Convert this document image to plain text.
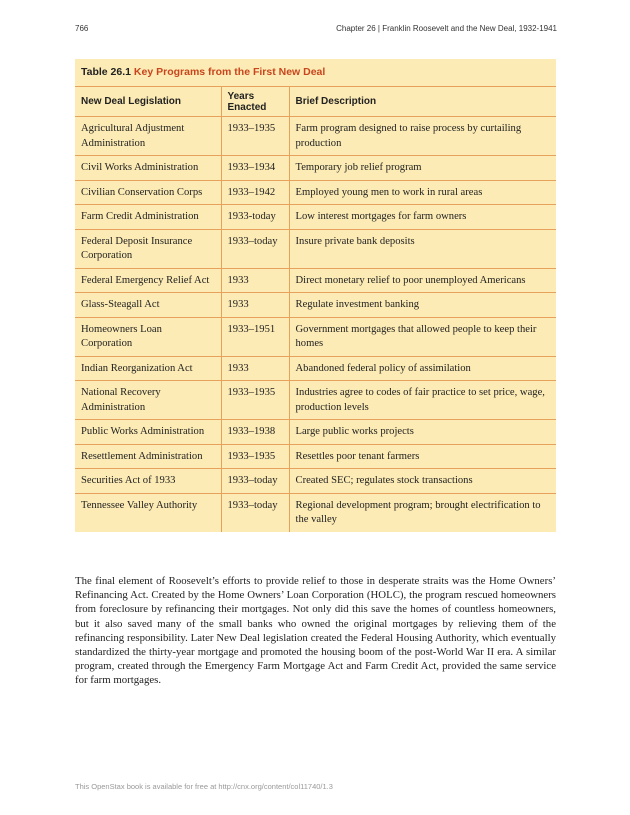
766	Chapter 26 | Franklin Roosevelt and the New Deal, 1932-1941
Table 26.1 Key Programs from the First New Deal
New Deal Legislation	Years Enacted	Brief Description
Agricultural Adjustment Administration	1933–1935	Farm program designed to raise process by curtailing production
Civil Works Administration	1933–1934	Temporary job relief program
Civilian Conservation Corps	1933–1942	Employed young men to work in rural areas
Farm Credit Administration	1933-today	Low interest mortgages for farm owners
Federal Deposit Insurance Corporation	1933–today	Insure private bank deposits
Federal Emergency Relief Act	1933	Direct monetary relief to poor unemployed Americans
Glass-Steagall Act	1933	Regulate investment banking
Homeowners Loan Corporation	1933–1951	Government mortgages that allowed people to keep their homes
Indian Reorganization Act	1933	Abandoned federal policy of assimilation
National Recovery Administration	1933–1935	Industries agree to codes of fair practice to set price, wage, production levels
Public Works Administration	1933–1938	Large public works projects
Resettlement Administration	1933–1935	Resettles poor tenant farmers
Securities Act of 1933	1933–today	Created SEC; regulates stock transactions
Tennessee Valley Authority	1933–today	Regional development program; brought electrification to the valley

The final element of Roosevelt’s efforts to provide relief to those in desperate straits was the Home Owners’ Refinancing Act. Created by the Home Owners’ Loan Corporation (HOLC), the program rescued homeowners from foreclosure by refinancing their mortgages. Not only did this save the homes of countless homeowners, but it also saved many of the small banks who owned the original mortgages by relieving them of the refinancing responsibility. Later New Deal legislation created the Federal Housing Authority, which eventually standardized the thirty-year mortgage and promoted the housing boom of the post-World War II era. A similar program, created through the Emergency Farm Mortgage Act and Farm Credit Act, provided the same service for farm mortgages.

This OpenStax book is available for free at http://cnx.org/content/col11740/1.3
